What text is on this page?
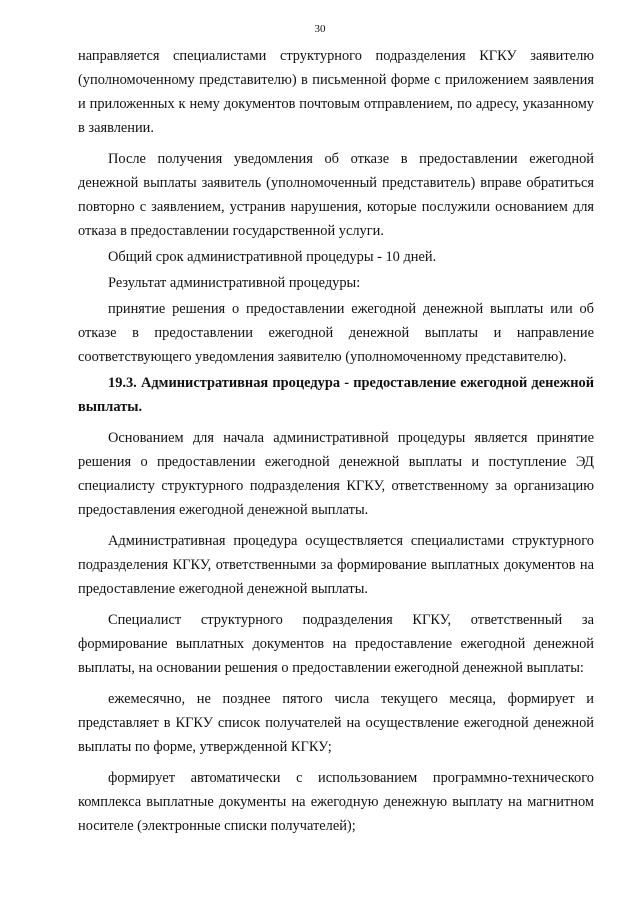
30

направляется специалистами структурного подразделения КГКУ заявителю (уполномоченному представителю) в письменной форме с приложением заявления и приложенных к нему документов почтовым отправлением, по адресу, указанному в заявлении.

После получения уведомления об отказе в предоставлении ежегодной денежной выплаты заявитель (уполномоченный представитель) вправе обратиться повторно с заявлением, устранив нарушения, которые послужили основанием для отказа в предоставлении государственной услуги.

Общий срок административной процедуры - 10 дней.

Результат административной процедуры:

принятие решения о предоставлении ежегодной денежной выплаты или об отказе в предоставлении ежегодной денежной выплаты и направление соответствующего уведомления заявителю (уполномоченному представителю).

19.3. Административная процедура - предоставление ежегодной денежной выплаты.

Основанием для начала административной процедуры является принятие решения о предоставлении ежегодной денежной выплаты и поступление ЭД специалисту структурного подразделения КГКУ, ответственному за организацию предоставления ежегодной денежной выплаты.

Административная процедура осуществляется специалистами структурного подразделения КГКУ, ответственными за формирование выплатных документов на предоставление ежегодной денежной выплаты.

Специалист структурного подразделения КГКУ, ответственный за формирование выплатных документов на предоставление ежегодной денежной выплаты, на основании решения о предоставлении ежегодной денежной выплаты:

ежемесячно, не позднее пятого числа текущего месяца, формирует и представляет в КГКУ список получателей на осуществление ежегодной денежной выплаты по форме, утвержденной КГКУ;

формирует автоматически с использованием программно-технического комплекса выплатные документы на ежегодную денежную выплату на магнитном носителе (электронные списки получателей);
